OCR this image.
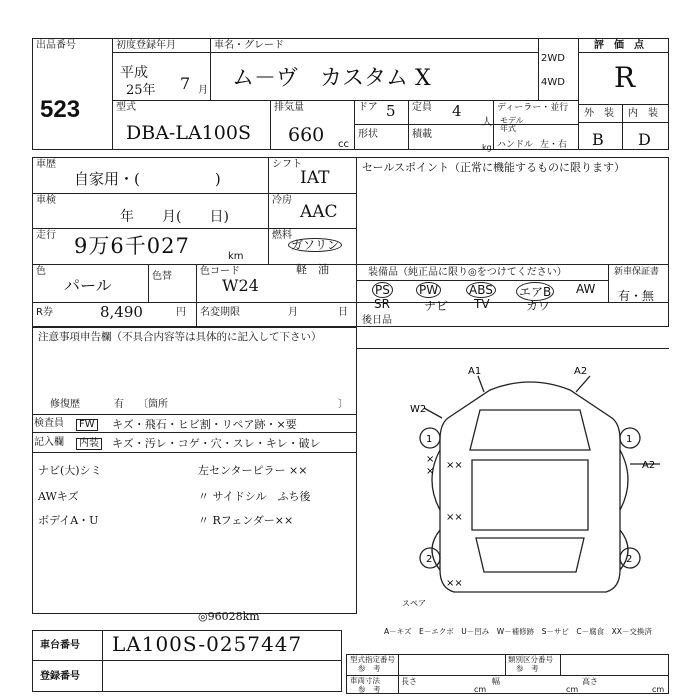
出品番号
523
初度登録年月
平成
25年 7 月
車名・グレード
ム－ヴ　カスタム X
2WD
4WD
評　価　点
R
外　装 内　装
B D
型式
DBA-LA100S
排気量
660 cc
ドア 5 定員 4
人
形状	積載
kg
ディーラー・並行
モデル
年式
ハンドル 左・右
車歴
自家用・(　　　　　)
シフト
IAT
セールスポイント（正常に機能するものに限ります）
車検
年　　月(　　日)
冷房
AAC
走行 9万6千027	km
燃料
ガソリン
軽　油
色
パール	色替	色コード
W24
装備品（純正品に限り◎をつけてください）	新車保証書
有・無
PS PW	ABS エアB AW
SR	ナビ TV	カワ
R券	8,490	円 名変期限	月	日
後日品
注意事項申告欄（不具合内容等は具体的に記入して下さい）
修復歴	有 〔箇所	〕
検査員	FW キズ・飛石・ヒビ割・リペア跡・×要
記入欄	内装 キズ・汚レ・コゲ・穴・スレ・キレ・破レ
ナビ(大)シミ
AWキズ
ボデイA・U
左センターピラー ××
〃 サイドシル　ふち後
〃 Rフェンダー××
◎96028km
A1	A2
A2
W2
1	1
2	2
××
××
××
×
×
スペア
A－キズ　E－エクボ　U－凹み　W－補修跡　S－サビ　C－腐食　XX－交換済
車台番号 LA100S-0257447
登録番号
型式指定番号
参　考
類別区分番号
参　考
車両寸法
参　考
長さ
cm
幅
cm
高さ
cm
